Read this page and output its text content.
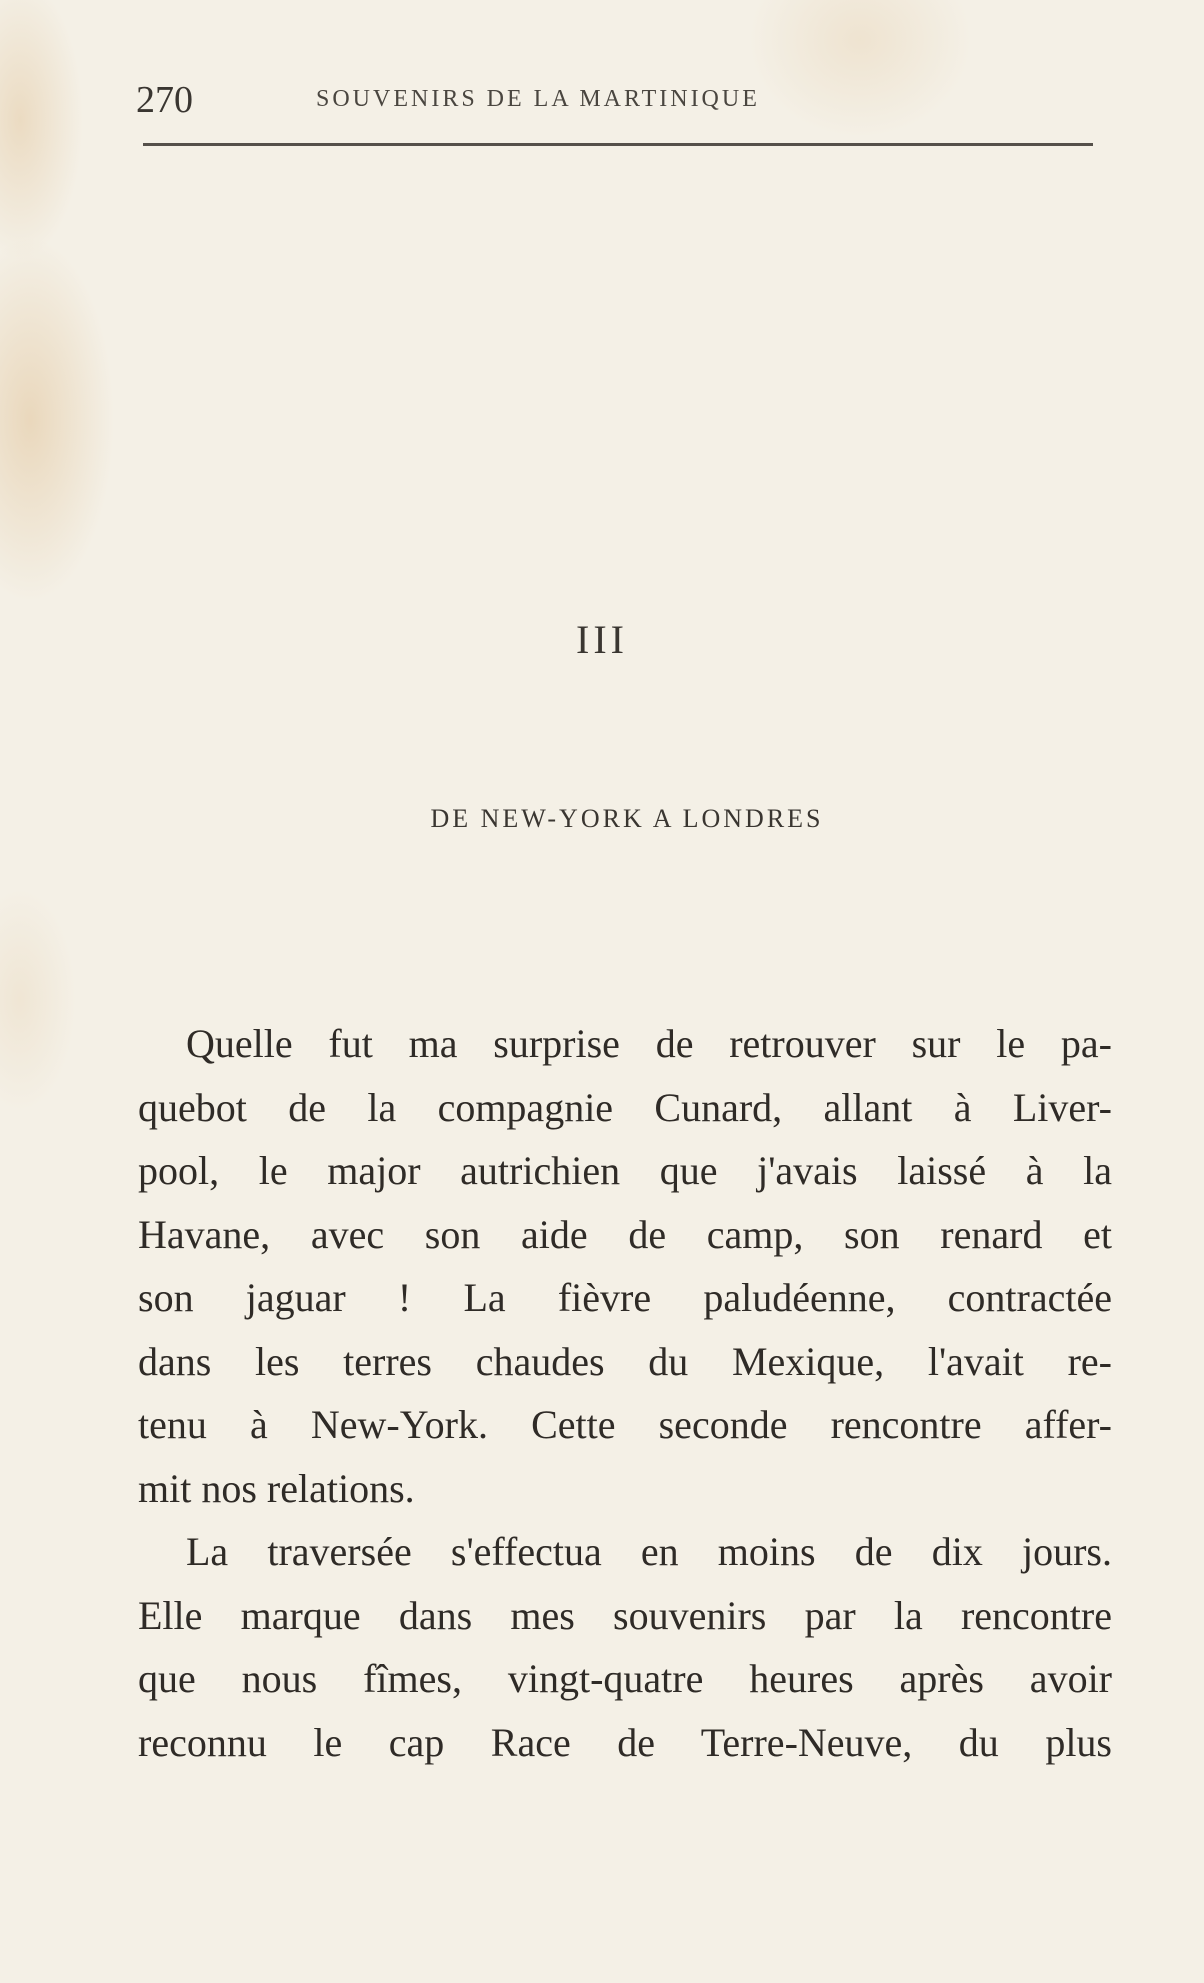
270	SOUVENIRS DE LA MARTINIQUE
III
DE NEW-YORK A LONDRES
Quelle fut ma surprise de retrouver sur le pa-
quebot de la compagnie Cunard, allant à Liver-
pool, le major autrichien que j'avais laissé à la
Havane, avec son aide de camp, son renard et
son jaguar ! La fièvre paludéenne, contractée
dans les terres chaudes du Mexique, l'avait re-
tenu à New-York. Cette seconde rencontre affer-
mit nos relations.
La traversée s'effectua en moins de dix jours.
Elle marque dans mes souvenirs par la rencontre
que nous fîmes, vingt-quatre heures après avoir
reconnu le cap Race de Terre-Neuve, du plus
